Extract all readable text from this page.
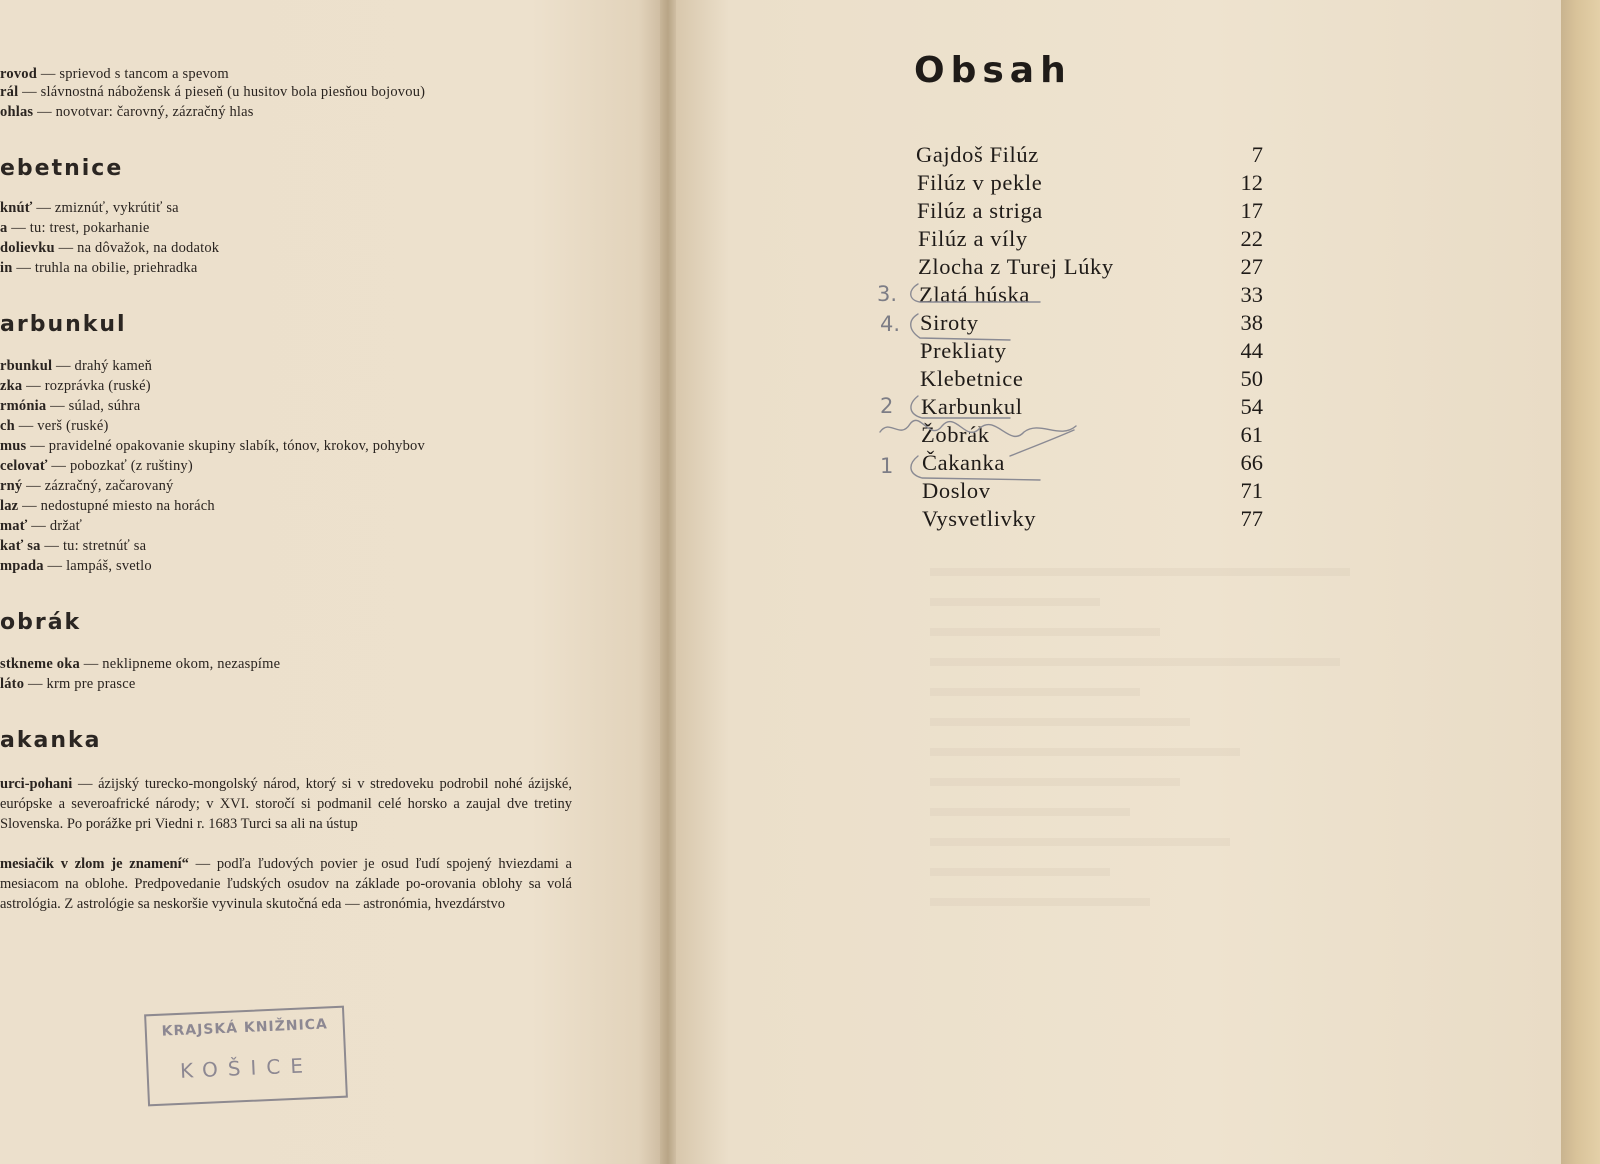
rovod — sprievod s tancom a spevom
rál — slávnostná nábožensk á pieseň (u husitov bola piesňou bojovou)
ohlas — novotvar: čarovný, zázračný hlas
ebetnice
knúť — zmiznúť, vykrútiť sa
a — tu: trest, pokarhanie
dolievku — na dôvažok, na dodatok
in — truhla na obilie, priehradka
arbunkul
rbunkul — drahý kameň
zka — rozprávka (ruské)
rmónia — súlad, súhra
ch — verš (ruské)
mus — pravidelné opakovanie skupiny slabík, tónov, krokov, pohybov
celovať — pobozkať (z ruštiny)
rný — zázračný, začarovaný
laz — nedostupné miesto na horách
mať — držať
kať sa — tu: stretnúť sa
mpada — lampáš, svetlo
obrák
stkneme oka — neklipneme okom, nezaspíme
láto — krm pre prasce
akanka
urci-pohani — ázijský turecko-mongolský národ, ktorý si v stredoveku podrobil nohé ázijské, európske a severoafrické národy; v XVI. storočí si podmanil celé horsko a zaujal dve tretiny Slovenska. Po porážke pri Viedni r. 1683 Turci sa ali na ústup
mesiačik v zlom je znamení“ — podľa ľudových povier je osud ľudí spojený hviezdami a mesiacom na oblohe. Predpovedanie ľudských osudov na základe po-orovania oblohy sa volá astrológia. Z astrológie sa neskoršie vyvinula skutočná eda — astronómia, hvezdárstvo
KRAJSKÁ KNIŽNICA
KOŠICE
Obsah
Gajdoš Filúz	7
Filúz v pekle	12
Filúz a striga	17
Filúz a víly	22
Zlocha z Turej Lúky	27
Zlatá húska	33
Siroty	38
Prekliaty	44
Klebetnice	50
Karbunkul	54
Žobrák	61
Čakanka	66
Doslov	71
Vysvetlivky	77
3.
4.
2
1
